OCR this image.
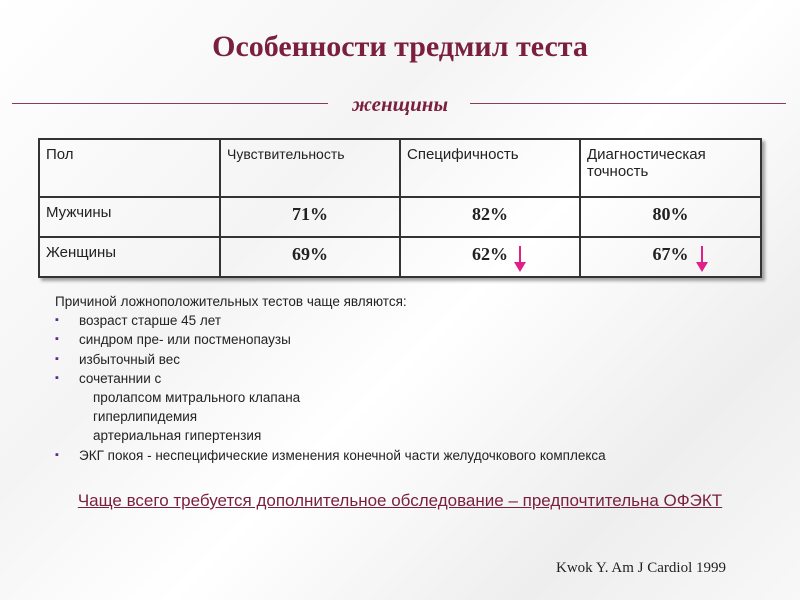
Особенности тредмил теста
женщины
Пол	Чувствительность	Специфичность	Диагностическая точность
Мужчины	71%	82%	80%
Женщины	69%	62%	67%
Причиной ложноположительных тестов чаще являются:
▪ возраст старше 45 лет
▪ синдром пре- или постменопаузы
▪ избыточный вес
▪ сочетаннии с
пролапсом митрального клапана
гиперлипидемия
артериальная гипертензия
▪ ЭКГ покоя - неспецифические изменения конечной части желудочкового комплекса
Чаще всего требуется дополнительное обследование – предпочтительна ОФЭКТ
Kwok Y. Am J Cardiol 1999
